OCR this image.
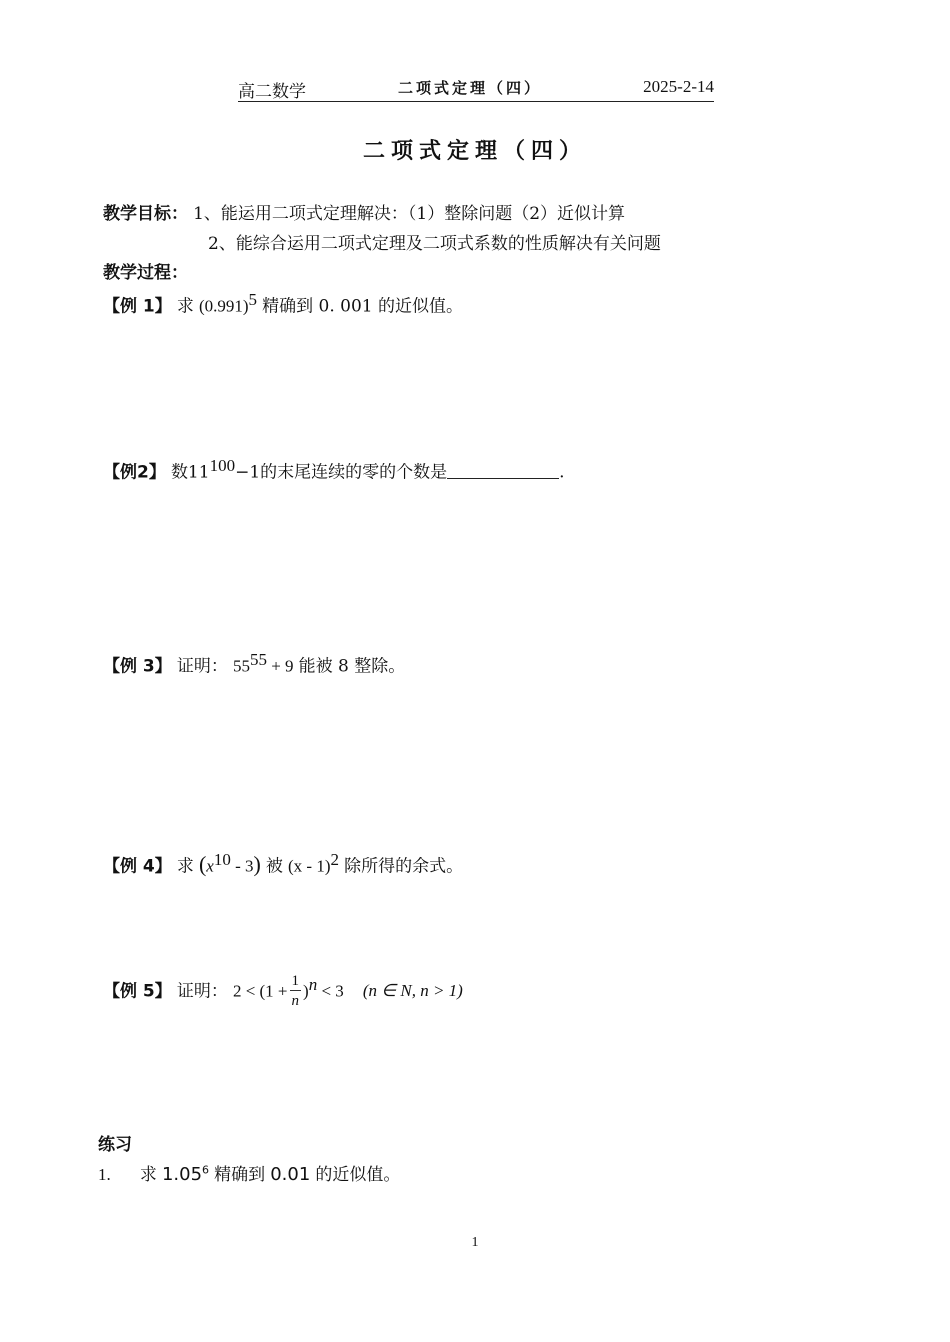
高二数学	二项式定理（四）	2025-2-14
二项式定理（四）
教学目标： 1、能运用二项式定理解决：（1）整除问题（2）近似计算
2、能综合运用二项式定理及二项式系数的性质解决有关问题
教学过程：
【例 1】 求 $(0.991)^5$ 精确到 0. 001 的近似值。
【例2】 数$11^{100}-1$的末尾连续的零的个数是	.
【例 3】 证明： $55^{55} + 9$ 能被 8 整除。
【例 4】 求 $(x^{10} - 3)$ 被 (x - 1)$^2$ 除所得的余式。
【例 5】 证明： $2 < (1 + \frac{1}{n} )^n < 3$ (n ∈ N, n > 1)
练习
1. 求 1.05$^6$ 精确到 0.01 的近似值。
1
